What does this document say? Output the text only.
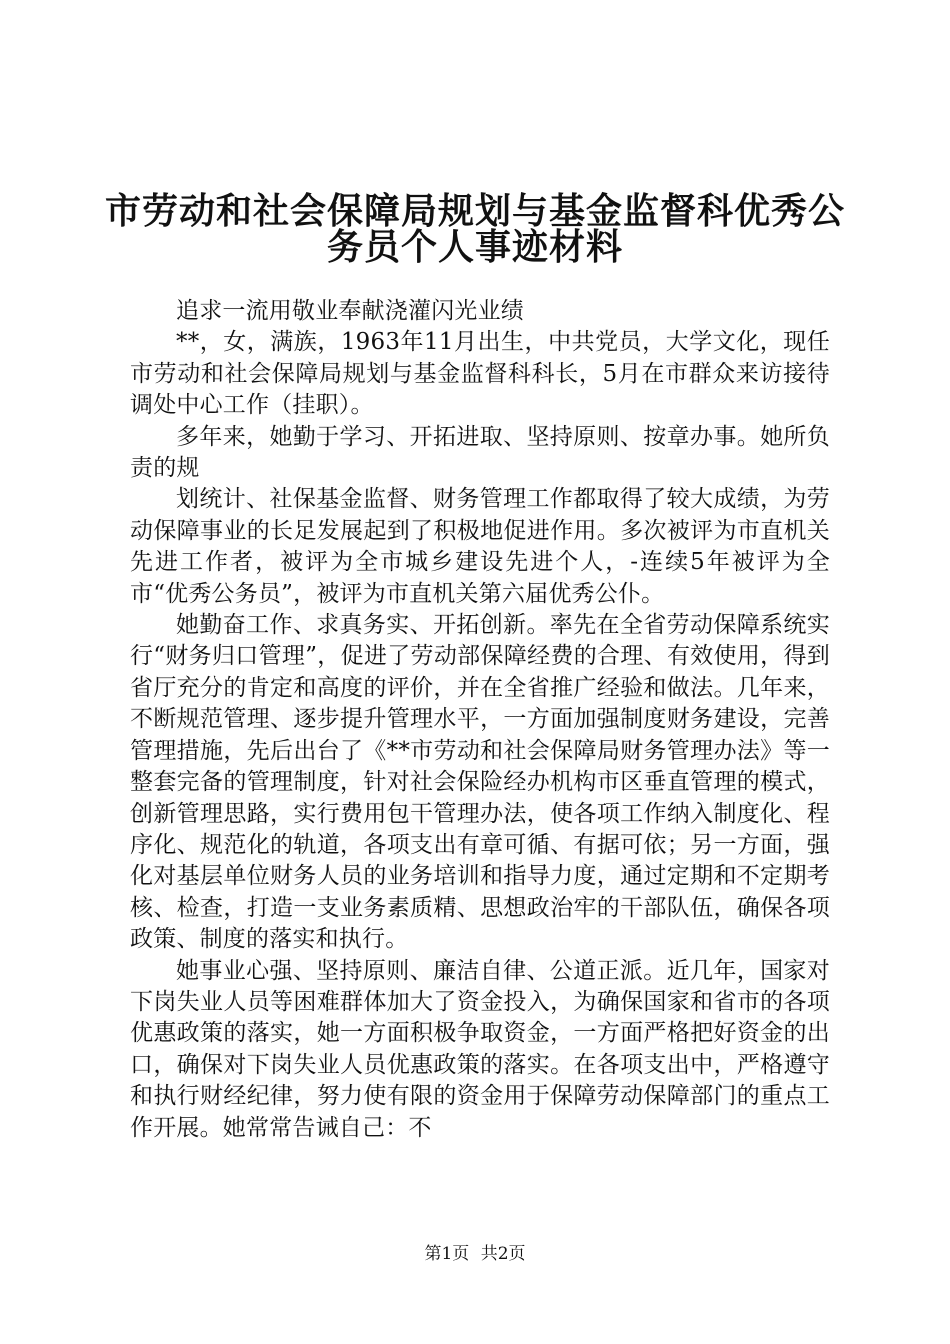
市劳动和社会保障局规划与基金监督科优秀公
务员个人事迹材料

追求一流用敬业奉献浇灌闪光业绩

**，女，满族，1963年11月出生，中共党员，大学文化，现任市劳动和社会保障局规划与基金监督科科长，5月在市群众来访接待调处中心工作（挂职）。

多年来，她勤于学习、开拓进取、坚持原则、按章办事。她所负责的规

划统计、社保基金监督、财务管理工作都取得了较大成绩，为劳动保障事业的长足发展起到了积极地促进作用。多次被评为市直机关先进工作者，被评为全市城乡建设先进个人，-连续5年被评为全市“优秀公务员”，被评为市直机关第六届优秀公仆。

她勤奋工作、求真务实、开拓创新。率先在全省劳动保障系统实行“财务归口管理”，促进了劳动部保障经费的合理、有效使用，得到省厅充分的肯定和高度的评价，并在全省推广经验和做法。几年来，不断规范管理、逐步提升管理水平，一方面加强制度财务建设，完善管理措施，先后出台了《**市劳动和社会保障局财务管理办法》等一整套完备的管理制度，针对社会保险经办机构市区垂直管理的模式，创新管理思路，实行费用包干管理办法，使各项工作纳入制度化、程序化、规范化的轨道，各项支出有章可循、有据可依；另一方面，强化对基层单位财务人员的业务培训和指导力度，通过定期和不定期考核、检查，打造一支业务素质精、思想政治牢的干部队伍，确保各项政策、制度的落实和执行。

她事业心强、坚持原则、廉洁自律、公道正派。近几年，国家对下岗失业人员等困难群体加大了资金投入，为确保国家和省市的各项优惠政策的落实，她一方面积极争取资金，一方面严格把好资金的出口，确保对下岗失业人员优惠政策的落实。在各项支出中，严格遵守和执行财经纪律，努力使有限的资金用于保障劳动保障部门的重点工作开展。她常常告诫自己：不

第1页 共2页
